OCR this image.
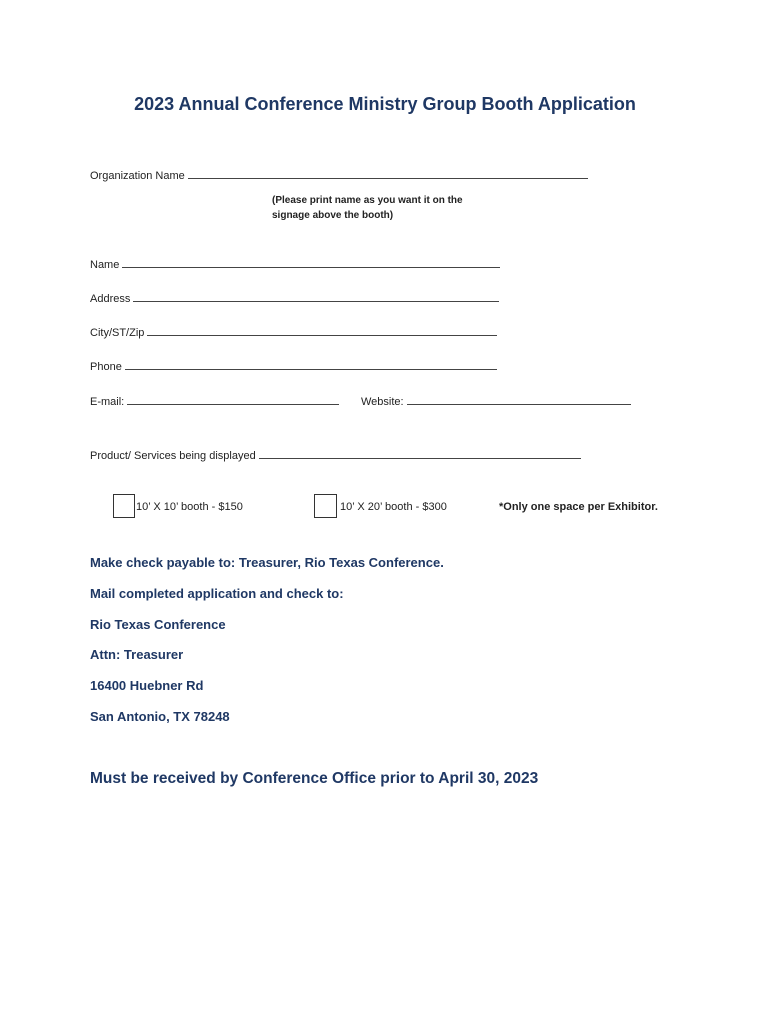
2023 Annual Conference Ministry Group Booth Application
Organization Name
(Please print name as you want it on the
signage above the booth)
Name
Address
City/ST/Zip
Phone
E-mail:	Website:
Product/ Services being displayed
10’ X 10’ booth - $150	10’ X 20’ booth - $300	*Only one space per Exhibitor.
Make check payable to: Treasurer, Rio Texas Conference.
Mail completed application and check to:
Rio Texas Conference
Attn: Treasurer
16400 Huebner Rd
San Antonio, TX 78248
Must be received by Conference Office prior to April 30, 2023
